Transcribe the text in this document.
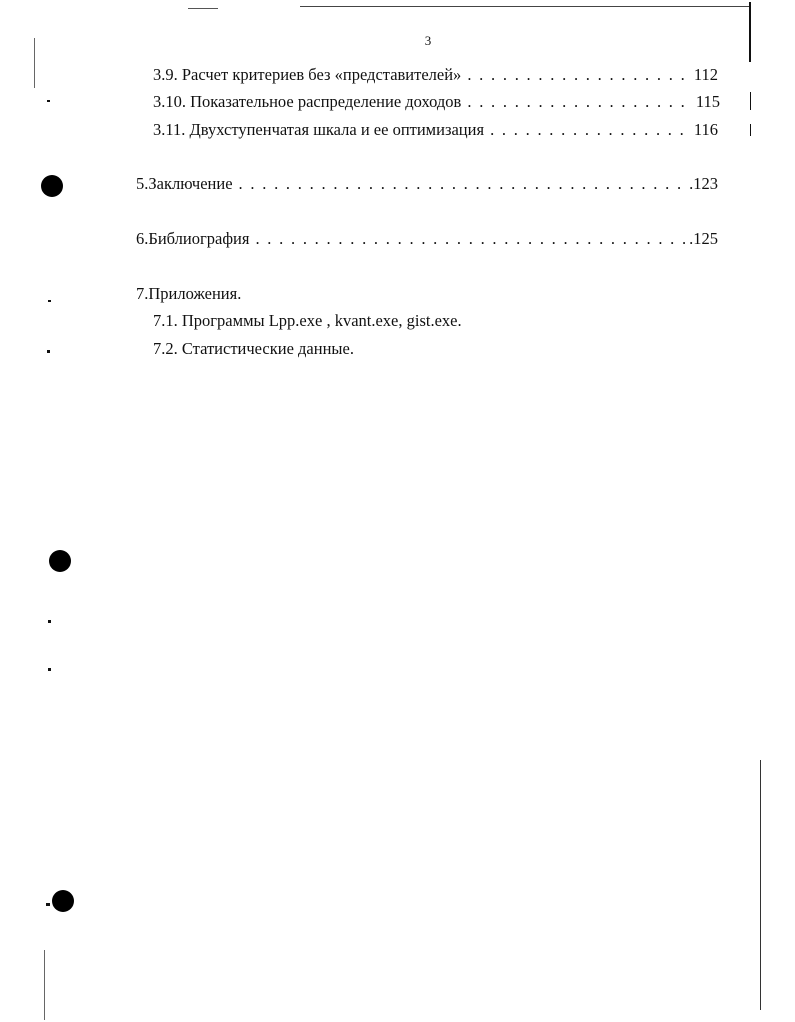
3
3.9. Расчет критериев без «представителей» . . .	112
3.10. Показательное распределение доходов . . .	115
3.11. Двухступенчатая шкала и ее оптимизация . . .	116
5.Заключение . . .	.123
6.Библиография . . .	.125
7.Приложения.
7.1. Программы Lpp.exe , kvant.exe, gist.exe.
7.2. Статистические данные.
